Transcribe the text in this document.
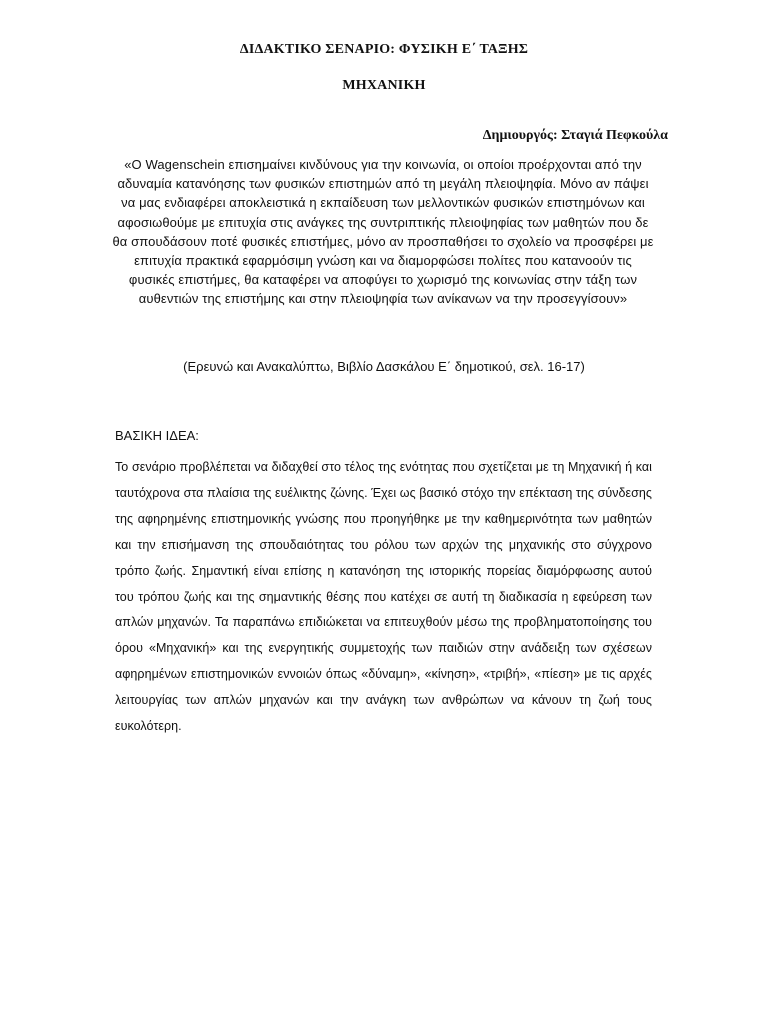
ΔΙΔΑΚΤΙΚΟ ΣΕΝΑΡΙΟ: ΦΥΣΙΚΗ Ε΄ ΤΑΞΗΣ
ΜΗΧΑΝΙΚΗ
Δημιουργός: Σταγιά Πεφκούλα
«Ο Wagenschein επισημαίνει κινδύνους για την κοινωνία, οι οποίοι προέρχονται από την αδυναμία κατανόησης των φυσικών επιστημών από τη μεγάλη πλειοψηφία. Μόνο αν πάψει να μας ενδιαφέρει αποκλειστικά η εκπαίδευση των μελλοντικών φυσικών επιστημόνων και αφοσιωθούμε με επιτυχία στις ανάγκες της συντριπτικής πλειοψηφίας των μαθητών που δε θα σπουδάσουν ποτέ φυσικές επιστήμες, μόνο αν προσπαθήσει το σχολείο να προσφέρει με επιτυχία πρακτικά εφαρμόσιμη γνώση και να διαμορφώσει πολίτες που κατανοούν τις φυσικές επιστήμες, θα καταφέρει να αποφύγει το χωρισμό της κοινωνίας στην τάξη των αυθεντιών της επιστήμης και στην πλειοψηφία των ανίκανων να την προσεγγίσουν»
(Ερευνώ και Ανακαλύπτω, Βιβλίο Δασκάλου Ε΄ δημοτικού, σελ. 16-17)
ΒΑΣΙΚΗ ΙΔΕΑ:
Το σενάριο προβλέπεται να διδαχθεί στο τέλος της ενότητας που σχετίζεται με τη Μηχανική ή και ταυτόχρονα στα πλαίσια της ευέλικτης ζώνης. Έχει ως βασικό στόχο την επέκταση της σύνδεσης της αφηρημένης επιστημονικής γνώσης που προηγήθηκε με την καθημερινότητα των μαθητών και την επισήμανση της σπουδαιότητας του ρόλου των αρχών της μηχανικής στο σύγχρονο τρόπο ζωής. Σημαντική είναι επίσης η κατανόηση της ιστορικής πορείας διαμόρφωσης αυτού του τρόπου ζωής και της σημαντικής θέσης που κατέχει σε αυτή τη διαδικασία η εφεύρεση των απλών μηχανών. Τα παραπάνω επιδιώκεται να επιτευχθούν μέσω της προβληματοποίησης του όρου «Μηχανική» και της ενεργητικής συμμετοχής των παιδιών στην ανάδειξη των σχέσεων αφηρημένων επιστημονικών εννοιών όπως «δύναμη», «κίνηση», «τριβή», «πίεση» με τις αρχές λειτουργίας των απλών μηχανών και την ανάγκη των ανθρώπων να κάνουν τη ζωή τους ευκολότερη.
